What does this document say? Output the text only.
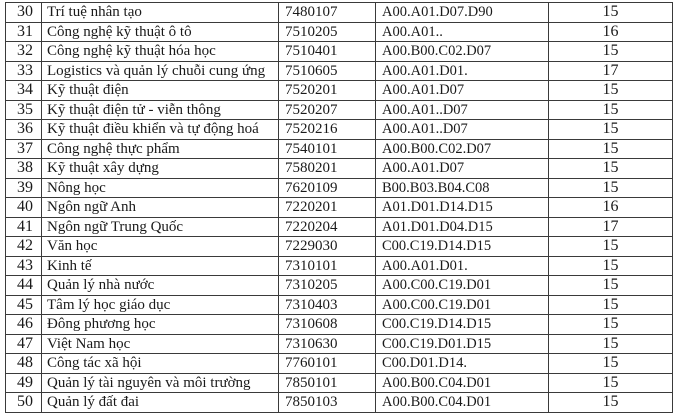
30	Trí tuệ nhân tạo	7480107	A00.A01.D07.D90	15
31	Công nghệ kỹ thuật ô tô	7510205	A00.A01..	16
32	Công nghệ kỹ thuật hóa học	7510401	A00.B00.C02.D07	15
33	Logistics và quản lý chuỗi cung ứng	7510605	A00.A01.D01.	17
34	Kỹ thuật điện	7520201	A00.A01.D07	15
35	Kỹ thuật điện tử - viễn thông	7520207	A00.A01..D07	15
36	Kỹ thuật điều khiển và tự động hoá	7520216	A00.A01..D07	15
37	Công nghệ thực phẩm	7540101	A00.B00.C02.D07	15
38	Kỹ thuật xây dựng	7580201	A00.A01.D07	15
39	Nông học	7620109	B00.B03.B04.C08	15
40	Ngôn ngữ Anh	7220201	A01.D01.D14.D15	16
41	Ngôn ngữ Trung Quốc	7220204	A01.D01.D04.D15	17
42	Văn học	7229030	C00.C19.D14.D15	15
43	Kinh tế	7310101	A00.A01.D01.	15
44	Quản lý nhà nước	7310205	A00.C00.C19.D01	15
45	Tâm lý học giáo dục	7310403	A00.C00.C19.D01	15
46	Đông phương học	7310608	C00.C19.D14.D15	15
47	Việt Nam học	7310630	C00.C19.D01.D15	15
48	Công tác xã hội	7760101	C00.D01.D14.	15
49	Quản lý tài nguyên và môi trường	7850101	A00.B00.C04.D01	15
50	Quản lý đất đai	7850103	A00.B00.C04.D01	15
